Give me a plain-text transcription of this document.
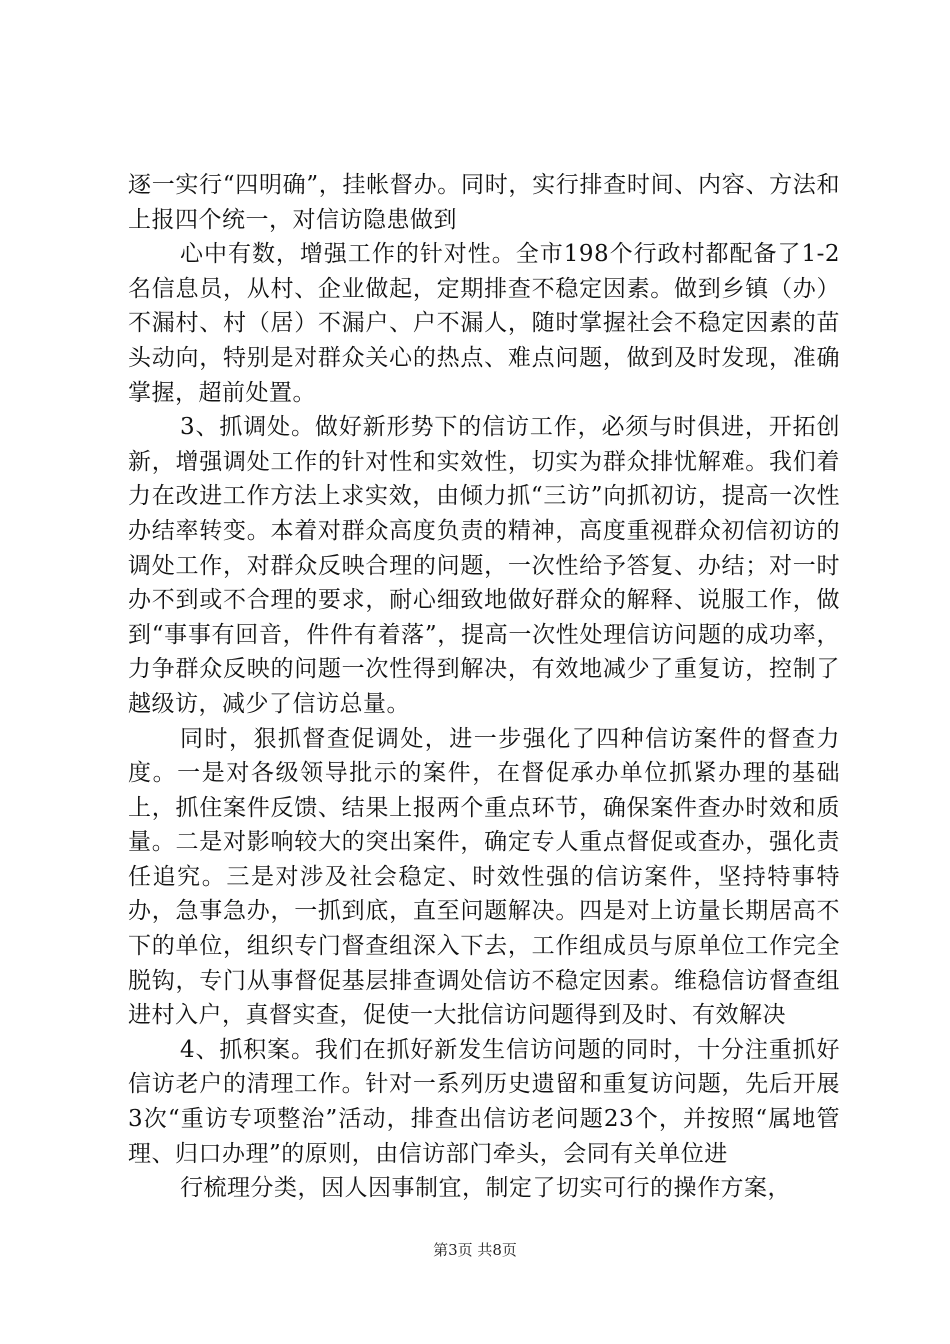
逐一实行“四明确”，挂帐督办。同时，实行排查时间、内容、方法和上报四个统一，对信访隐患做到

心中有数，增强工作的针对性。全市198个行政村都配备了1-2名信息员，从村、企业做起，定期排查不稳定因素。做到乡镇（办）不漏村、村（居）不漏户、户不漏人，随时掌握社会不稳定因素的苗头动向，特别是对群众关心的热点、难点问题，做到及时发现，准确掌握，超前处置。

3、抓调处。做好新形势下的信访工作，必须与时俱进，开拓创新，增强调处工作的针对性和实效性，切实为群众排忧解难。我们着力在改进工作方法上求实效，由倾力抓“三访”向抓初访，提高一次性办结率转变。本着对群众高度负责的精神，高度重视群众初信初访的调处工作，对群众反映合理的问题，一次性给予答复、办结；对一时办不到或不合理的要求，耐心细致地做好群众的解释、说服工作，做到“事事有回音，件件有着落”，提高一次性处理信访问题的成功率，力争群众反映的问题一次性得到解决，有效地减少了重复访，控制了越级访，减少了信访总量。

同时，狠抓督查促调处，进一步强化了四种信访案件的督查力度。一是对各级领导批示的案件，在督促承办单位抓紧办理的基础上，抓住案件反馈、结果上报两个重点环节，确保案件查办时效和质量。二是对影响较大的突出案件，确定专人重点督促或查办，强化责任追究。三是对涉及社会稳定、时效性强的信访案件，坚持特事特办，急事急办，一抓到底，直至问题解决。四是对上访量长期居高不下的单位，组织专门督查组深入下去，工作组成员与原单位工作完全脱钩，专门从事督促基层排查调处信访不稳定因素。维稳信访督查组进村入户，真督实查，促使一大批信访问题得到及时、有效解决

4、抓积案。我们在抓好新发生信访问题的同时，十分注重抓好信访老户的清理工作。针对一系列历史遗留和重复访问题，先后开展3次“重访专项整治”活动，排查出信访老问题23个，并按照“属地管理、归口办理”的原则，由信访部门牵头，会同有关单位进

行梳理分类，因人因事制宜，制定了切实可行的操作方案，

第3页 共8页
